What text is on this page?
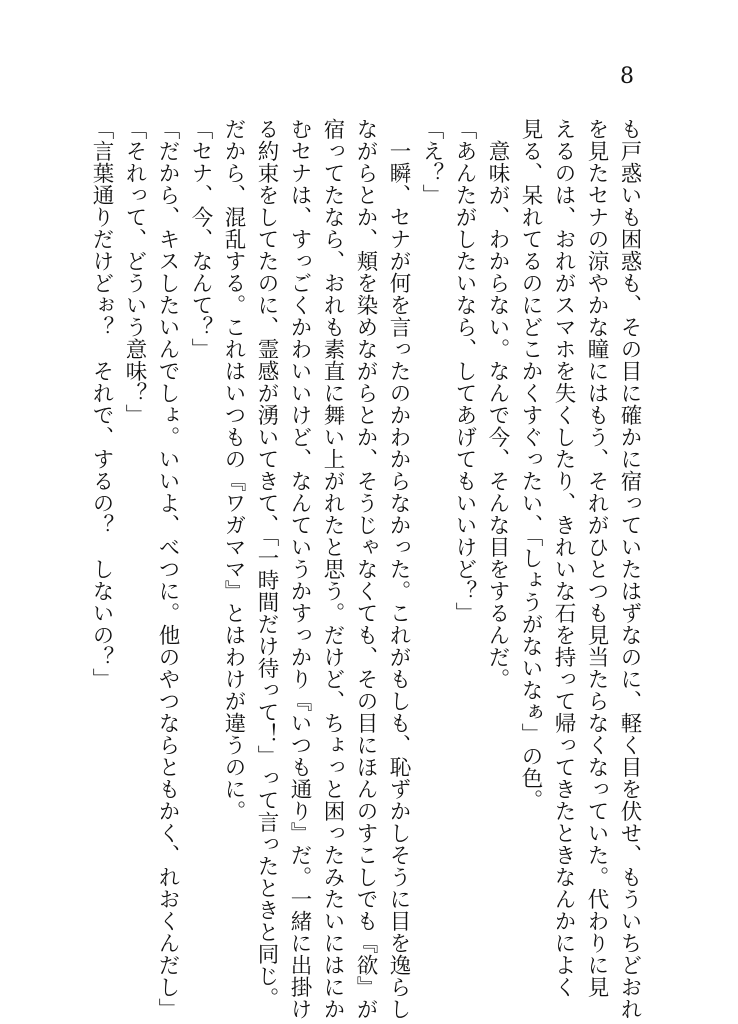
8
も戸惑いも困惑も、その目に確かに宿っていたはずなのに、軽く目を伏せ、もういちどおれ
を見たセナの涼やかな瞳にはもう、それがひとつも見当たらなくなっていた。代わりに見
えるのは、おれがスマホを失くしたり、きれいな石を持って帰ってきたときなんかによく
見る、呆れてるのにどこかくすぐったい、「しょうがないなぁ」の色。
　意味が、わからない。なんで今、そんな目をするんだ。
「あんたがしたいなら、してあげてもいいけど？」
「え？」
　一瞬、セナが何を言ったのかわからなかった。これがもしも、恥ずかしそうに目を逸らし
ながらとか、頬を染めながらとか、そうじゃなくても、その目にほんのすこしでも『欲』が
宿ってたなら、おれも素直に舞い上がれたと思う。だけど、ちょっと困ったみたいにはにか
むセナは、すっごくかわいいけど、なんていうかすっかり『いつも通り』だ。一緒に出掛け
る約束をしてたのに、霊感が湧いてきて、「一時間だけ待って！」って言ったときと同じ。
だから、混乱する。これはいつもの『ワガママ』とはわけが違うのに。
「セナ、今、なんて？」
「だから、キスしたいんでしょ。いいよ、べつに。他のやつならともかく、れおくんだし」
「それって、どういう意味？」
「言葉通りだけどぉ？　それで、するの？　しないの？」
